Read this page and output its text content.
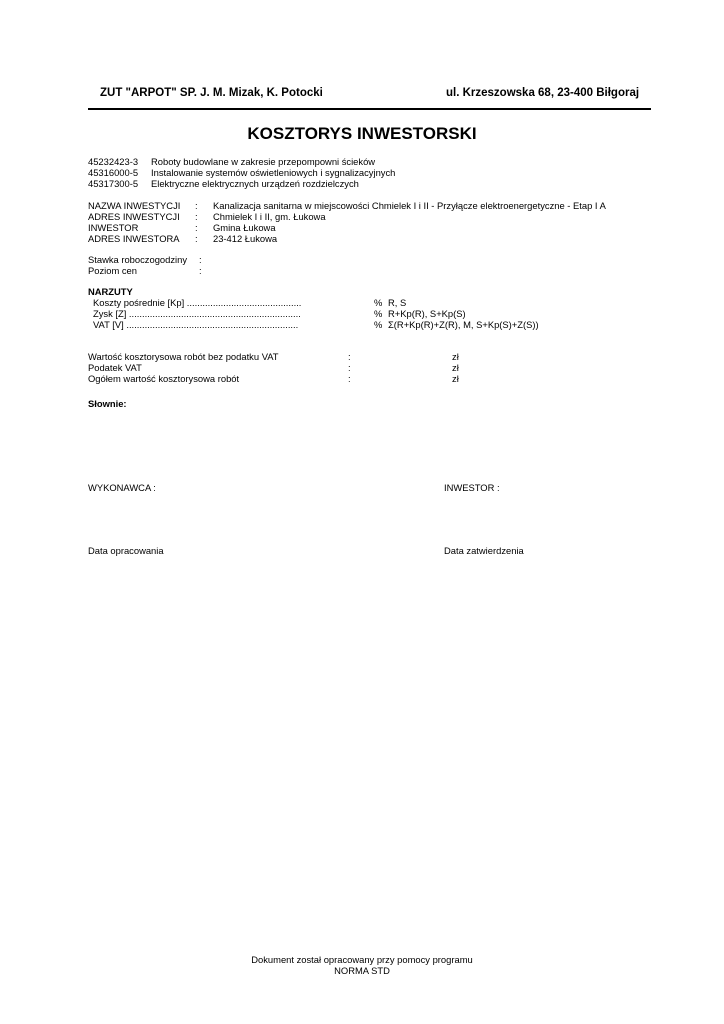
ZUT "ARPOT" SP. J. M. Mizak, K. Potocki	ul. Krzeszowska 68, 23-400 Biłgoraj
KOSZTORYS INWESTORSKI
45232423-3 Roboty budowlane w zakresie przepompowni ścieków
45316000-5 Instalowanie systemów oświetleniowych i sygnalizacyjnych
45317300-5 Elektryczne elektrycznych urządzeń rozdzielczych
NAZWA INWESTYCJI : Kanalizacja sanitarna w miejscowości Chmielek I i II - Przyłącze elektroenergetyczne - Etap I A
ADRES INWESTYCJI : Chmielek I i II, gm. Łukowa
INWESTOR	: Gmina Łukowa
ADRES INWESTORA : 23-412 Łukowa
Stawka roboczogodziny :
Poziom cen	:
NARZUTY
Koszty pośrednie [Kp] ............................................	% R, S
Zysk [Z] ..................................................................	% R+Kp(R), S+Kp(S)
VAT [V] ..................................................................	% Σ(R+Kp(R)+Z(R), M, S+Kp(S)+Z(S))
Wartość kosztorysowa robót bez podatku VAT	:	zł
Podatek VAT	:	zł
Ogółem wartość kosztorysowa robót	:	zł
Słownie:
WYKONAWCA :	INWESTOR :
Data opracowania	Data zatwierdzenia
Dokument został opracowany przy pomocy programu
NORMA STD
